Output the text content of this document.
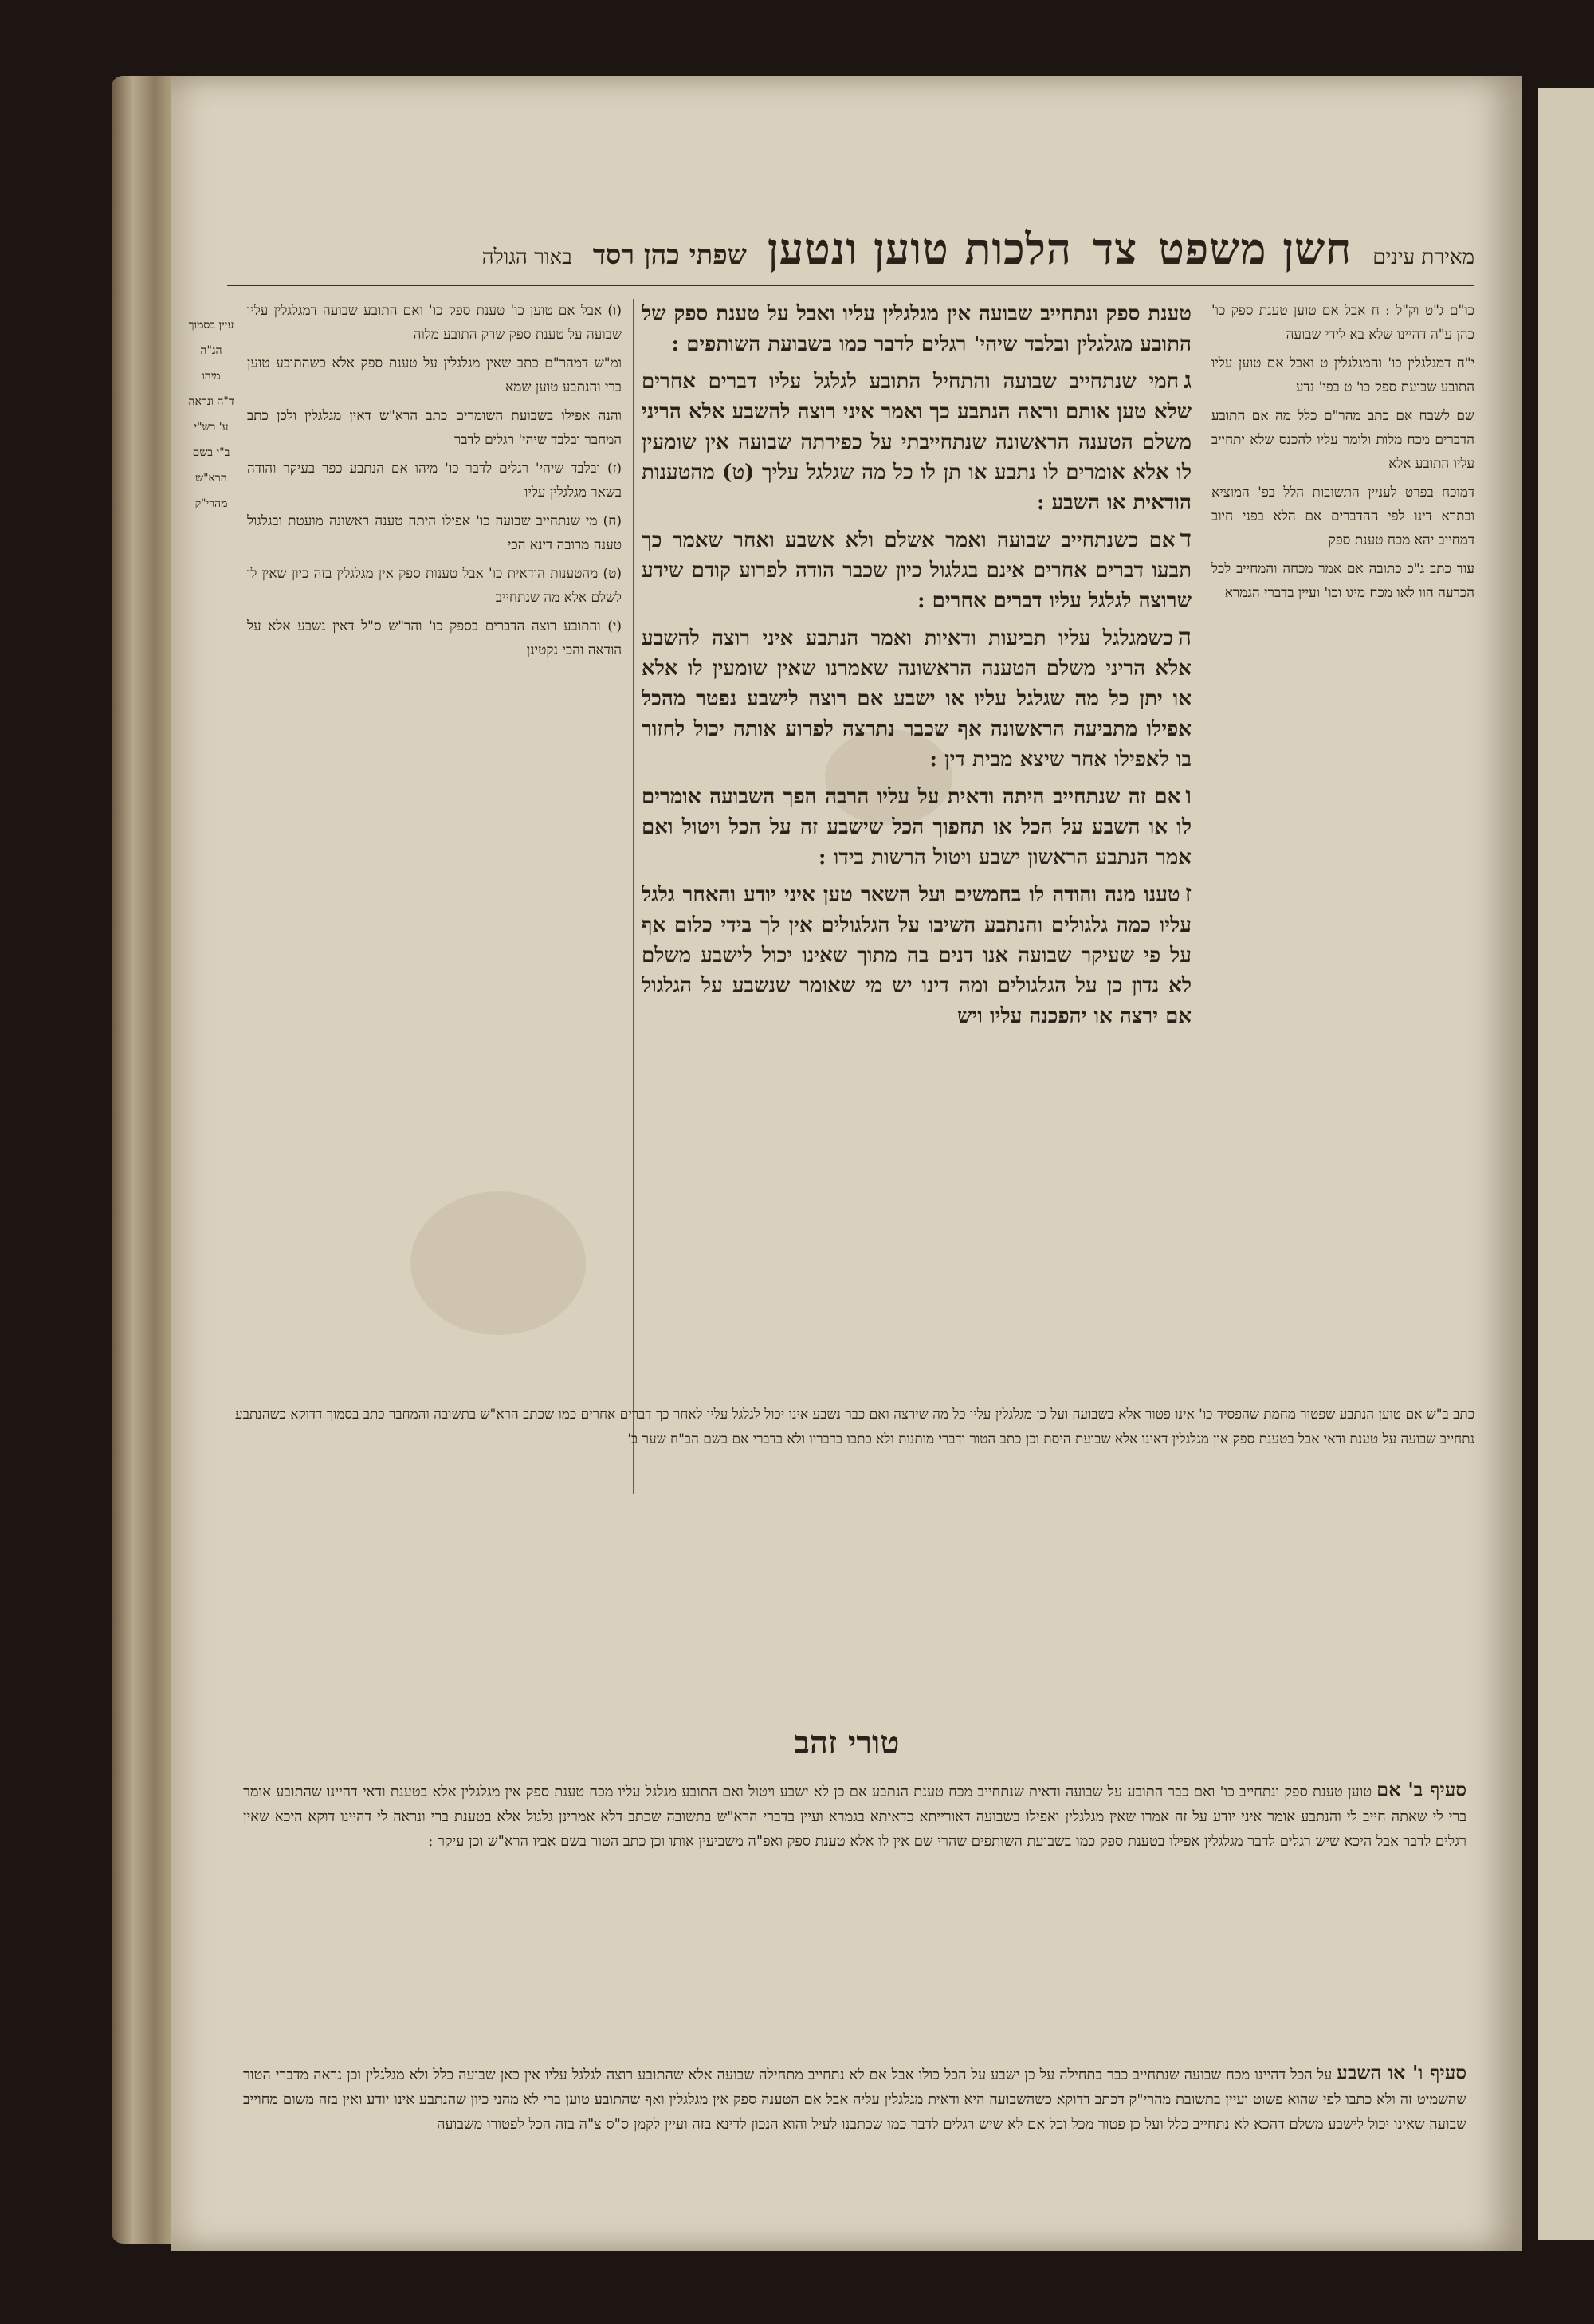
מאירת עינים
חשן משפט
צד
הלכות טוען ונטען
שפתי כהן רסד
באור הגולה

כו"ם ג"ט וק"ל : ח אבל אם טוען טענת ספק כו' כהן ע"ה דהיינו שלא בא לידי שבועה

י"ח דמגלגלין כו' והמגלגלין ט ואבל אם טוען עליו התובע שבועת ספק כו' ט בפי' נדע

שם לשבח אם כתב מהר"ם כלל מה אם התובע הדברים מכח מלות ולומר עליו להכנס שלא יתחייב עליו התובע אלא

דמוכח בפרט לעניין התשובות הלל בפ' המוציא ובתרא דינו לפי ההדברים אם הלא בפני חיוב דמחייב יהא מכח טענת ספק

עוד כתב ג"כ כתובה אם אמר מכחה והמחייב לכל הכרעה הוו לאו מכח מיגו וכו' ועיין בדברי הגמרא

טענת ספק ונתחייב שבועה אין מגלגלין עליו ואבל על טענת ספק של התובע מגלגלין ובלבד שיהי' רגלים לדבר כמו בשבועת השותפים :

גחמי שנתחייב שבועה והתחיל התובע לגלגל עליו דברים אחרים שלא טען אותם וראה הנתבע כך ואמר איני רוצה להשבע אלא הריני משלם הטענה הראשונה שנתחייבתי על כפירתה שבועה אין שומעין לו אלא אומרים לו נתבע או תן לו כל מה שגלגל עליך (ט) מהטענות הודאית או השבע :

דאם כשנתחייב שבועה ואמר אשלם ולא אשבע ואחר שאמר כך תבעו דברים אחרים אינם בגלגול כיון שכבר הודה לפרוע קודם שידע שרוצה לגלגל עליו דברים אחרים :

הכשמגלגל עליו תביעות ודאיות ואמר הנתבע איני רוצה להשבע אלא הריני משלם הטענה הראשונה שאמרנו שאין שומעין לו אלא או יתן כל מה שגלגל עליו או ישבע אם רוצה לישבע נפטר מהכל אפילו מתביעה הראשונה אף שכבר נתרצה לפרוע אותה יכול לחזור בו לאפילו אחר שיצא מבית דין :

ואם זה שנתחייב היתה ודאית על עליו הרבה הפך השבועה אומרים לו או השבע על הכל או תחפוך הכל שישבע זה על הכל ויטול ואם אמר הנתבע הראשון ישבע ויטול הרשות בידו :

זטענו מנה והודה לו בחמשים ועל השאר טען איני יודע והאחר גלגל עליו כמה גלגולים והנתבע השיבו על הגלגולים אין לך בידי כלום אף על פי שעיקר שבועה אנו דנים בה מתוך שאינו יכול לישבע משלם לא נדון כן על הגלגולים ומה דינו יש מי שאומר שנשבע על הגלגול אם ירצה או יהפכנה עליו ויש

(ו) אבל אם טוען כו' טענת ספק כו' ואם התובע שבועה דמגלגלין עליו שבועה על טענת ספק שרק התובע מלוה

ומ"ש דמהר"ם כתב שאין מגלגלין על טענת ספק אלא כשהתובע טוען ברי והנתבע טוען שמא

והנה אפילו בשבועת השומרים כתב הרא"ש דאין מגלגלין ולכן כתב המחבר ובלבד שיהי' רגלים לדבר

(ז) ובלבד שיהי' רגלים לדבר כו' מיהו אם הנתבע כפר בעיקר והודה בשאר מגלגלין עליו

(ח) מי שנתחייב שבועה כו' אפילו היתה טענה ראשונה מועטת ובגלגול טענה מרובה דינא הכי

(ט) מהטענות הודאית כו' אבל טענות ספק אין מגלגלין בזה כיון שאין לו לשלם אלא מה שנתחייב

(י) והתובע רוצה הדברים בספק כו' והר"ש ס"ל דאין נשבע אלא על הודאה והכי נקטינן

עיין בסמוך

הג"ה

מיהו

ד"ה ונראה

ע' רש"י

ב"י בשם

הרא"ש

מהרי"ק

כתב ב"ש אם טוען הנתבע שפטור מחמת שהפסיד כו' אינו פטור אלא בשבועה ועל כן מגלגלין עליו כל מה שירצה ואם כבר נשבע אינו יכול לגלגל עליו לאחר כך דברים אחרים כמו שכתב הרא"ש בתשובה והמחבר כתב בסמוך דדוקא כשהנתבע נתחייב שבועה על טענת ודאי אבל בטענת ספק אין מגלגלין דאינו אלא שבועת היסת וכן כתב הטור ודברי מותנות ולא כתבו בדבריו ולא בדברי אם בשם הב"ח שער ב'

טורי זהב

סעיף ב' אםטוען טענת ספק ונתחייב כו' ואם כבר התובע על שבועה ודאית שנתחייב מכח טענת הנתבע אם כן לא ישבע ויטול ואם התובע מגלגל עליו מכח טענת ספק אין מגלגלין אלא בטענת ודאי דהיינו שהתובע אומר ברי לי שאתה חייב לי והנתבע אומר איני יודע על זה אמרו שאין מגלגלין ואפילו בשבועה דאורייתא כדאיתא בגמרא ועיין בדברי הרא"ש בתשובה שכתב דלא אמרינן גלגול אלא בטענת ברי ונראה לי דהיינו דוקא היכא שאין רגלים לדבר אבל היכא שיש רגלים לדבר מגלגלין אפילו בטענת ספק כמו בשבועת השותפים שהרי שם אין לו אלא טענת ספק ואפ"ה משביעין אותו וכן כתב הטור בשם אביו הרא"ש וכן עיקר :

סעיף ו' או השבעעל הכל דהיינו מכח שבועה שנתחייב כבר בתחילה על כן ישבע על הכל כולו אבל אם לא נתחייב מתחילה שבועה אלא שהתובע רוצה לגלגל עליו אין כאן שבועה כלל ולא מגלגלין וכן נראה מדברי הטור שהשמיט זה ולא כתבו לפי שהוא פשוט ועיין בתשובת מהרי"ק דכתב דדוקא כשהשבועה היא ודאית מגלגלין עליה אבל אם הטענה ספק אין מגלגלין ואף שהתובע טוען ברי לא מהני כיון שהנתבע אינו יודע ואין בזה משום מחוייב שבועה שאינו יכול לישבע משלם דהכא לא נתחייב כלל ועל כן פטור מכל וכל אם לא שיש רגלים לדבר כמו שכתבנו לעיל והוא הנכון לדינא בזה ועיין לקמן ס"ס צ"ה בזה הכל לפטורו משבועה
